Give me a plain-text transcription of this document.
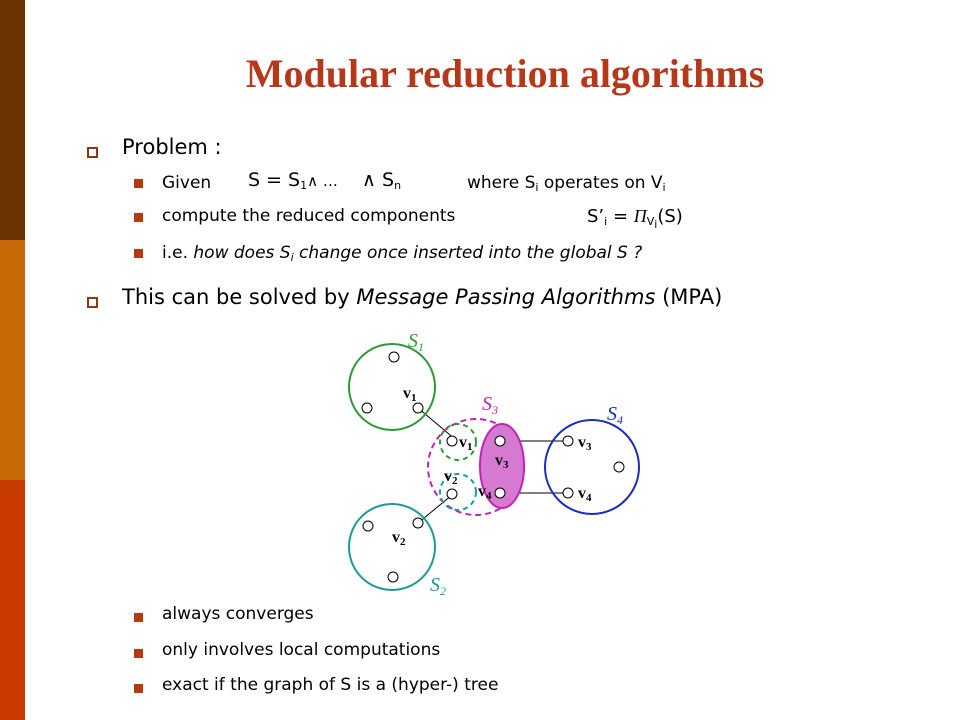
Modular reduction algorithms
Problem :
Given $S = S_1\wedge$ … ∧ $S_n$	where $S_i$ operates on $V_i$
compute the reduced components	$S’_i = \Pi_{V_i}(S)$
i.e. how does $S_i$ change once inserted into the global S ?
This can be solved by Message Passing Algorithms (MPA)
$S_1$
$S_2$
$S_3$	$S_4$
v1
v2
v1
v2
v3
v4
v3
v4
always converges
only involves local computations
exact if the graph of S is a (hyper-) tree
